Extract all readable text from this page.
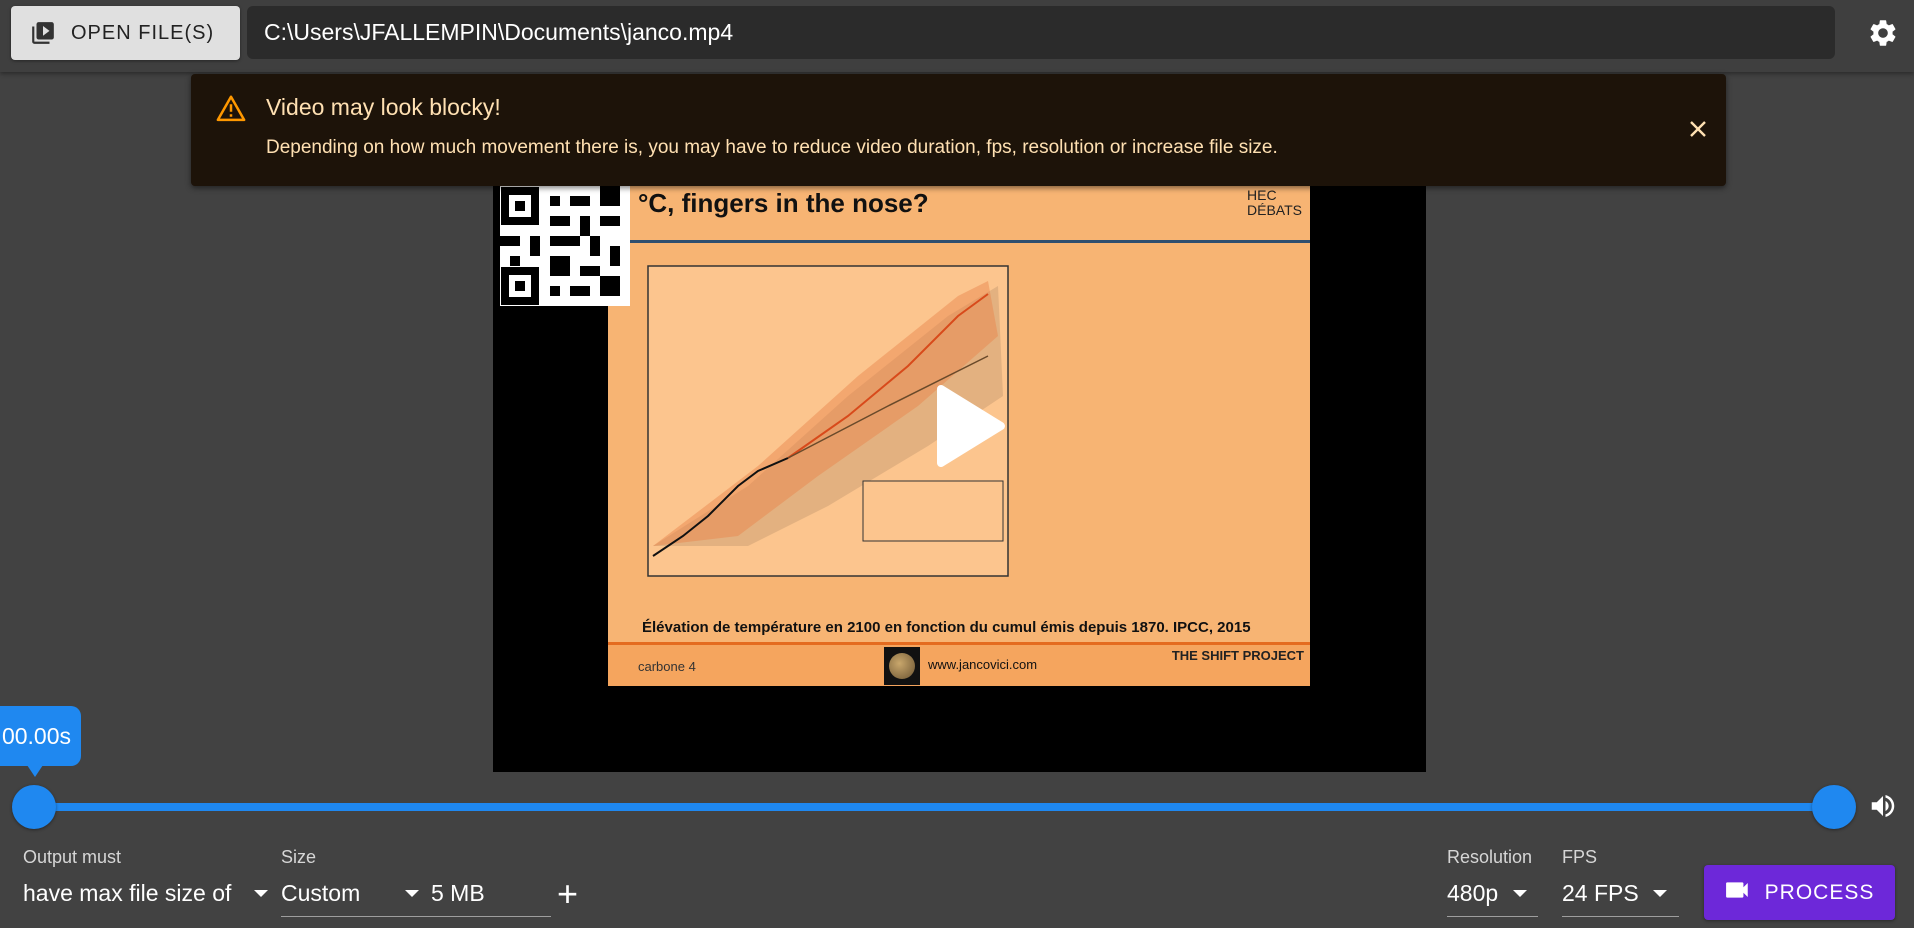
OPEN FILE(S) C:\Users\JFALLEMPIN\Documents\janco.mp4
°C, fingers in the nose?	HEC
DÉBATS
Élévation de température en 2100 en fonction du cumul émis depuis 1870. IPCC, 2015
carbone 4	www.jancovici.com
THE SHIFT PROJECT
Video may look blocky!
Depending on how much movement there is, you may have to reduce video duration, fps, resolution or increase file size.
00.00s
Output must
have max file size of
Size
Custom	5 MB +
Resolution
480p
FPS
24 FPS	PROCESS
